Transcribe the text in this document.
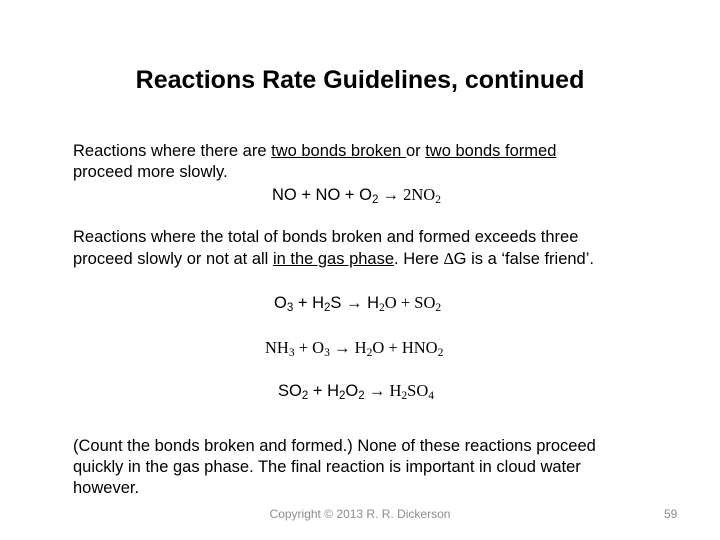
Reactions Rate Guidelines, continued
Reactions where there are two bonds broken or two bonds formed
proceed more slowly.
NO + NO + $O_2 \to 2NO_2$
Reactions where the total of bonds broken and formed exceeds three
proceed slowly or not at all in the gas phase. Here ∆G is a ‘false friend’.
$O_3 + H_2S \to H_2O + SO_2$
$NH_3 + O_3 \to H_2O + HNO_2$
$SO_2 + H_2O_2 \to H_2SO_4$
(Count the bonds broken and formed.) None of these reactions proceed
quickly in the gas phase. The final reaction is important in cloud water
however.
Copyright © 2013 R. R. Dickerson	59
